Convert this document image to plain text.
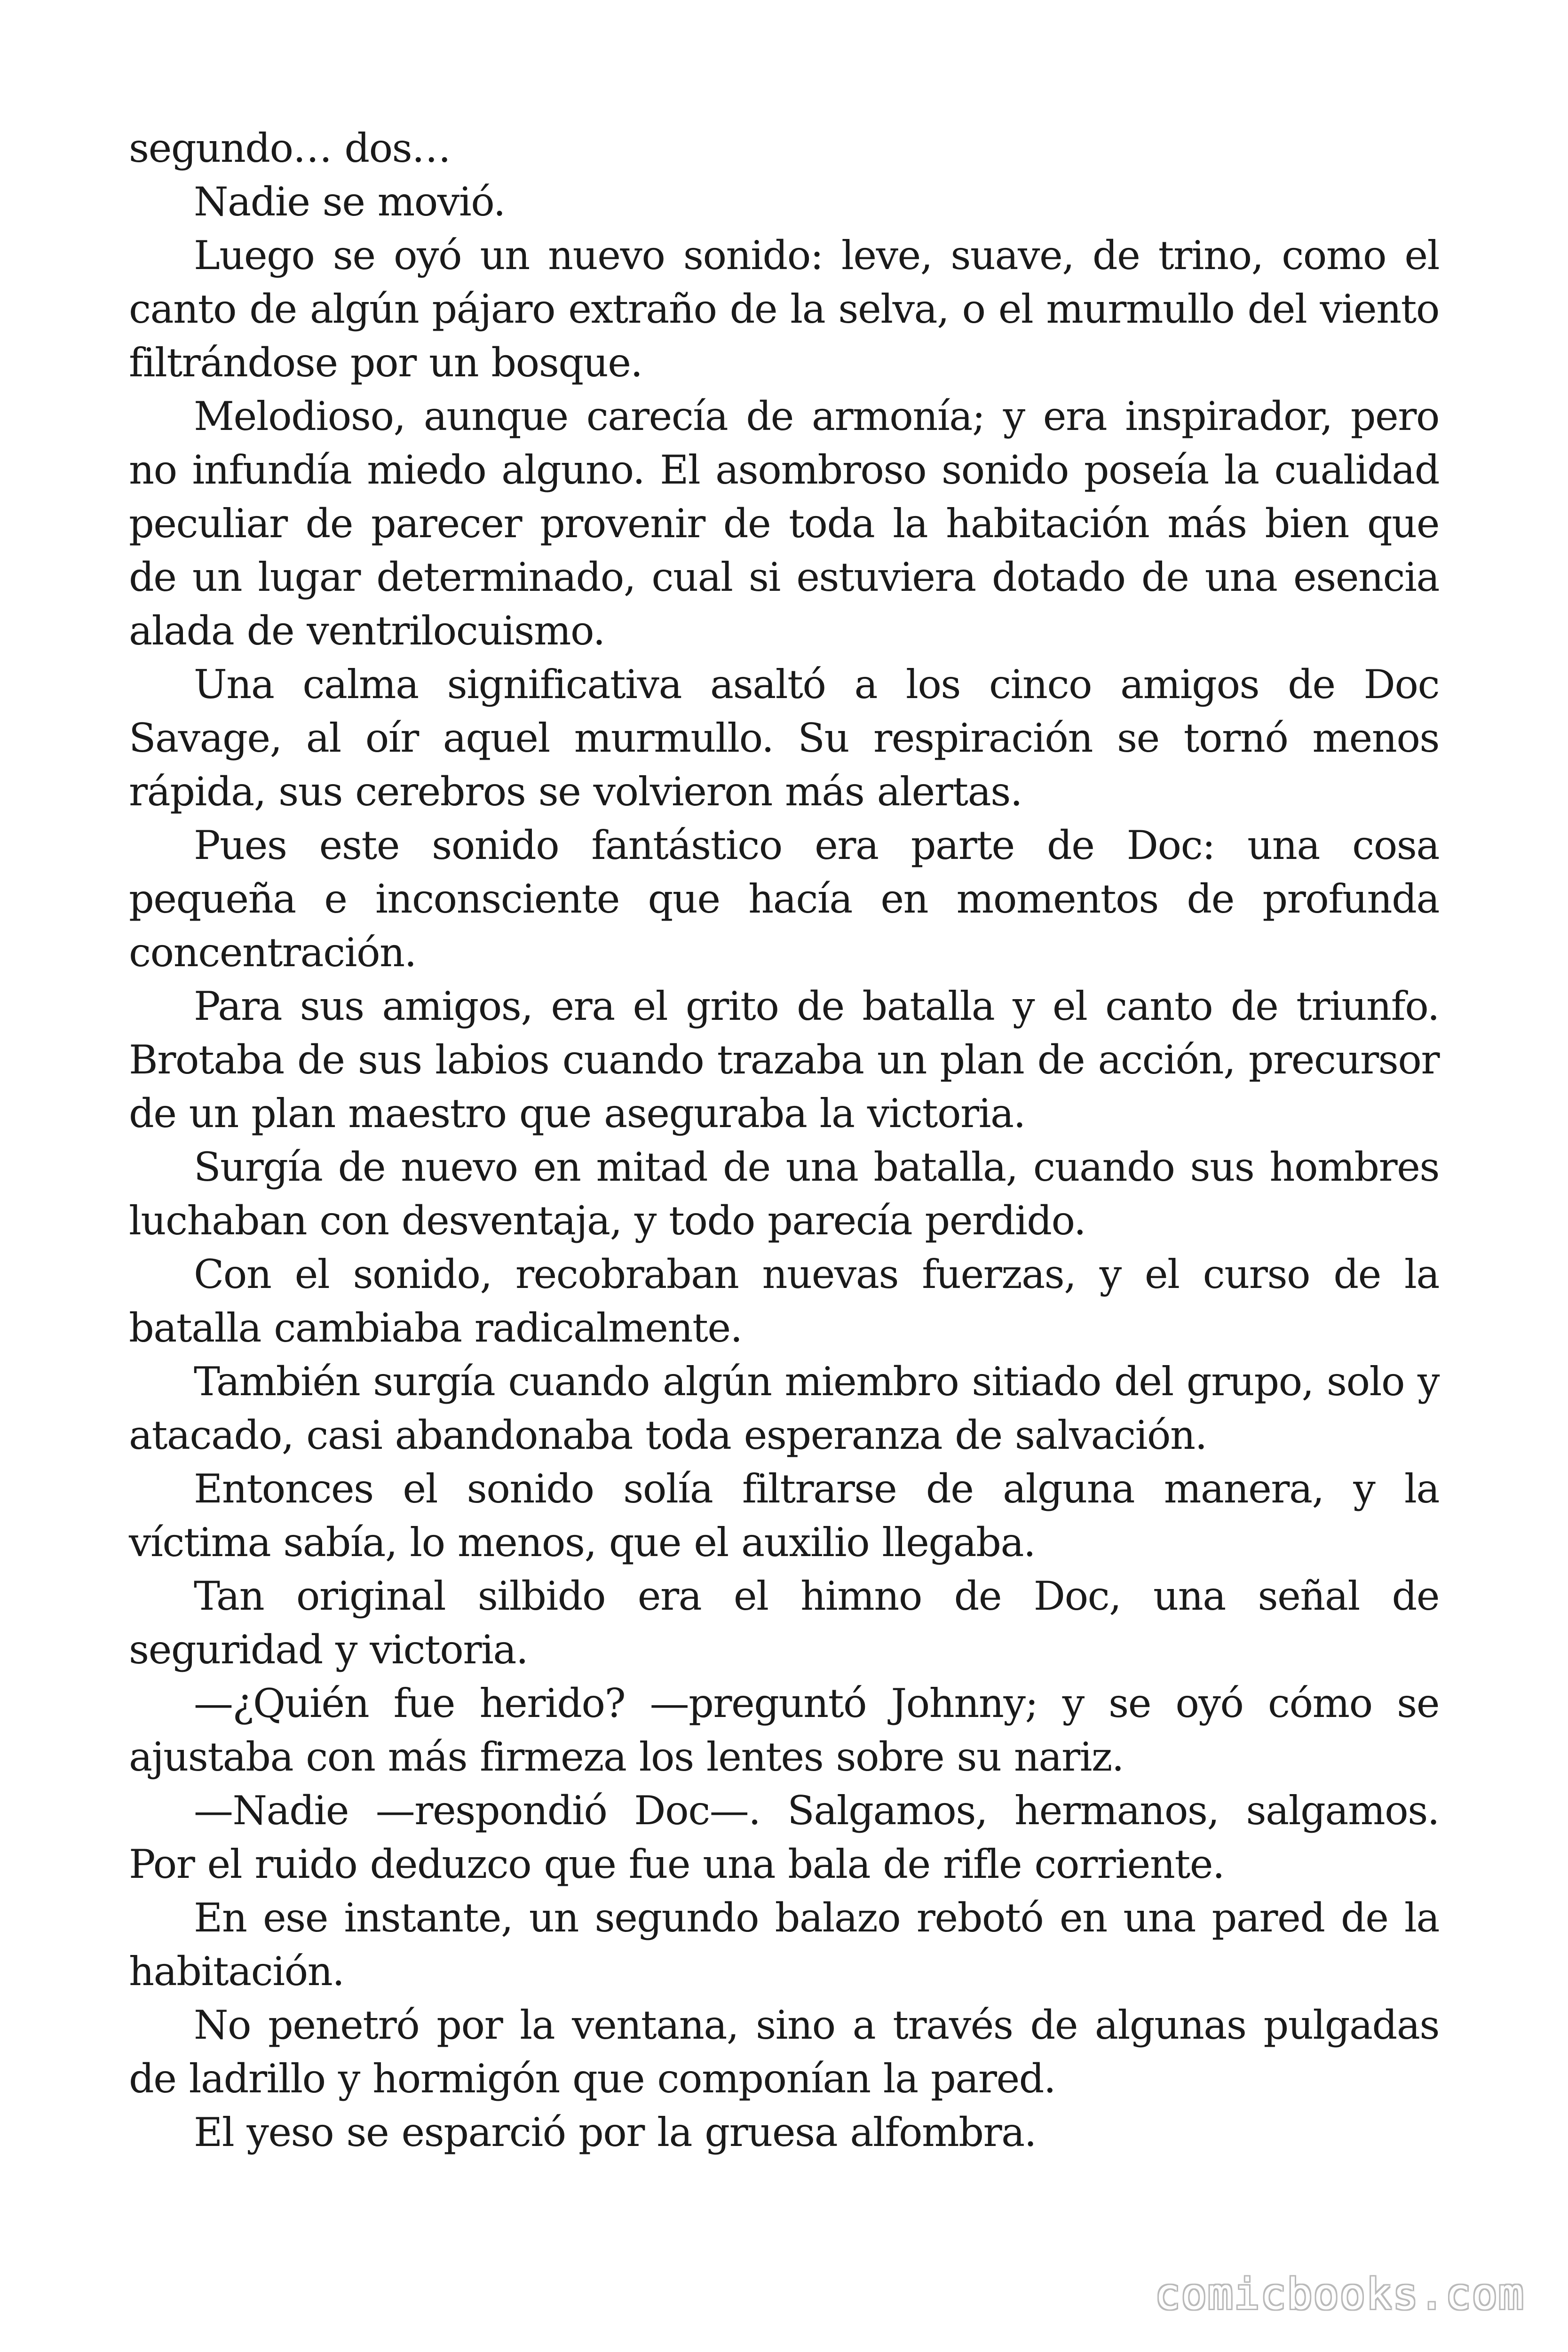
segundo… dos…

Nadie se movió.

Luego se oyó un nuevo sonido: leve, suave, de trino, como el canto de algún pájaro extraño de la selva, o el murmullo del viento filtrándose por un bosque.

Melodioso, aunque carecía de armonía; y era inspirador, pero no infundía miedo alguno. El asombroso sonido poseía la cualidad peculiar de parecer provenir de toda la habitación más bien que de un lugar determinado, cual si estuviera dotado de una esencia alada de ventrilocuismo.

Una calma significativa asaltó a los cinco amigos de Doc Savage, al oír aquel murmullo. Su respiración se tornó menos rápida, sus cerebros se volvieron más alertas.

Pues este sonido fantástico era parte de Doc: una cosa pequeña e inconsciente que hacía en momentos de profunda concentración.

Para sus amigos, era el grito de batalla y el canto de triunfo. Brotaba de sus labios cuando trazaba un plan de acción, precursor de un plan maestro que aseguraba la victoria.

Surgía de nuevo en mitad de una batalla, cuando sus hombres luchaban con desventaja, y todo parecía perdido.

Con el sonido, recobraban nuevas fuerzas, y el curso de la batalla cambiaba radicalmente.

También surgía cuando algún miembro sitiado del grupo, solo y atacado, casi abandonaba toda esperanza de salvación.

Entonces el sonido solía filtrarse de alguna manera, y la víctima sabía, lo menos, que el auxilio llegaba.

Tan original silbido era el himno de Doc, una señal de seguridad y victoria.

—¿Quién fue herido? —preguntó Johnny; y se oyó cómo se ajustaba con más firmeza los lentes sobre su nariz.

—Nadie —respondió Doc—. Salgamos, hermanos, salgamos. Por el ruido deduzco que fue una bala de rifle corriente.

En ese instante, un segundo balazo rebotó en una pared de la habitación.

No penetró por la ventana, sino a través de algunas pulgadas de ladrillo y hormigón que componían la pared.

El yeso se esparció por la gruesa alfombra.

comicbooks.com
